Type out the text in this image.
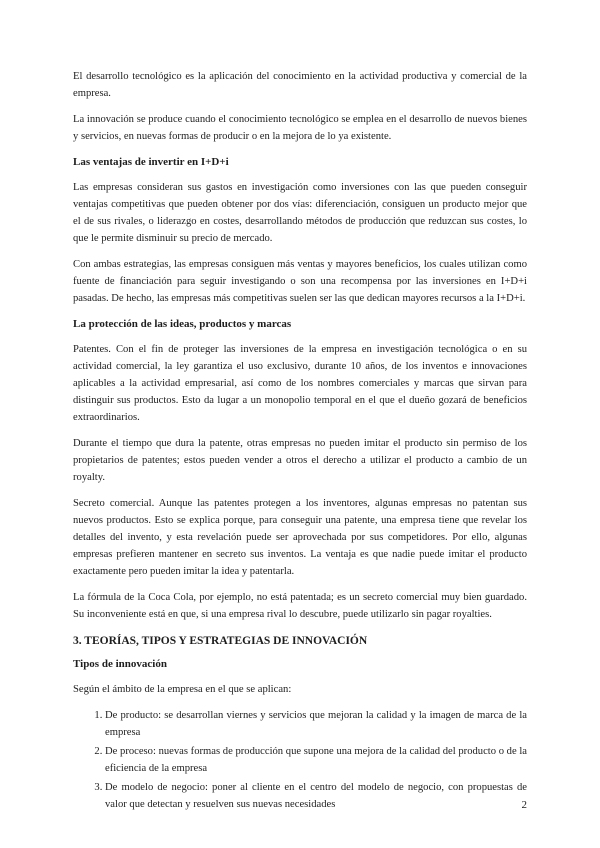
El desarrollo tecnológico es la aplicación del conocimiento en la actividad productiva y comercial de la empresa.

La innovación se produce cuando el conocimiento tecnológico se emplea en el desarrollo de nuevos bienes y servicios, en nuevas formas de producir o en la mejora de lo ya existente.

Las ventajas de invertir en I+D+i

Las empresas consideran sus gastos en investigación como inversiones con las que pueden conseguir ventajas competitivas que pueden obtener por dos vías: diferenciación, consiguen un producto mejor que el de sus rivales, o liderazgo en costes, desarrollando métodos de producción que reduzcan sus costes, lo que le permite disminuir su precio de mercado.

Con ambas estrategias, las empresas consiguen más ventas y mayores beneficios, los cuales utilizan como fuente de financiación para seguir investigando o son una recompensa por las inversiones en I+D+i pasadas. De hecho, las empresas más competitivas suelen ser las que dedican mayores recursos a la I+D+i.

La protección de las ideas, productos y marcas

Patentes. Con el fin de proteger las inversiones de la empresa en investigación tecnológica o en su actividad comercial, la ley garantiza el uso exclusivo, durante 10 años, de los inventos e innovaciones aplicables a la actividad empresarial, así como de los nombres comerciales y marcas que sirvan para distinguir sus productos. Esto da lugar a un monopolio temporal en el que el dueño gozará de beneficios extraordinarios.

Durante el tiempo que dura la patente, otras empresas no pueden imitar el producto sin permiso de los propietarios de patentes; estos pueden vender a otros el derecho a utilizar el producto a cambio de un royalty.

Secreto comercial. Aunque las patentes protegen a los inventores, algunas empresas no patentan sus nuevos productos. Esto se explica porque, para conseguir una patente, una empresa tiene que revelar los detalles del invento, y esta revelación puede ser aprovechada por sus competidores. Por ello, algunas empresas prefieren mantener en secreto sus inventos. La ventaja es que nadie puede imitar el producto exactamente pero pueden imitar la idea y patentarla.

La fórmula de la Coca Cola, por ejemplo, no está patentada; es un secreto comercial muy bien guardado. Su inconveniente está en que, si una empresa rival lo descubre, puede utilizarlo sin pagar royalties.

3. TEORÍAS, TIPOS Y ESTRATEGIAS DE INNOVACIÓN
Tipos de innovación

Según el ámbito de la empresa en el que se aplican:

1. De producto: se desarrollan viernes y servicios que mejoran la calidad y la imagen de marca de la empresa
2. De proceso: nuevas formas de producción que supone una mejora de la calidad del producto o de la eficiencia de la empresa
3. De modelo de negocio: poner al cliente en el centro del modelo de negocio, con propuestas de valor que detectan y resuelven sus nuevas necesidades	2
